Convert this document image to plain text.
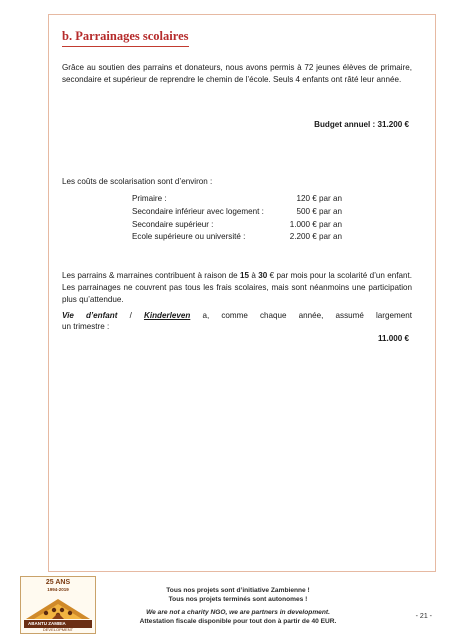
b. Parrainages scolaires

Grâce au soutien des parrains et donateurs, nous avons permis à 72 jeunes élèves de primaire, secondaire et supérieur de reprendre le chemin de l’école. Seuls 4 enfants ont râté leur année.

Budget annuel : 31.200 €

Les coûts de scolarisation sont d’environ :

Primaire :	120 € par an
Secondaire inférieur avec logement :	500 € par an
Secondaire supérieur :	1.000 € par an
Ecole supérieure ou université :	2.200 € par an

Les parrains & marraines contribuent à raison de 15 à 30 € par mois pour la scolarité d’un enfant. Les parrainages ne couvrent pas tous les frais scolaires, mais sont néanmoins une participation plus qu’attendue.

Vie d’enfant / Kinderleven a, comme chaque année, assumé largement

un trimestre :

11.000 €

25 ANS
1994-2019
ABANTU ZAMBIA
DEVELOPMENT
Tous nos projets sont d’initiative Zambienne !
Tous nos projets terminés sont autonomes !
We are not a charity NGO, we are partners in development.
Attestation fiscale disponible pour tout don à partir de 40 EUR.
- 21 -
